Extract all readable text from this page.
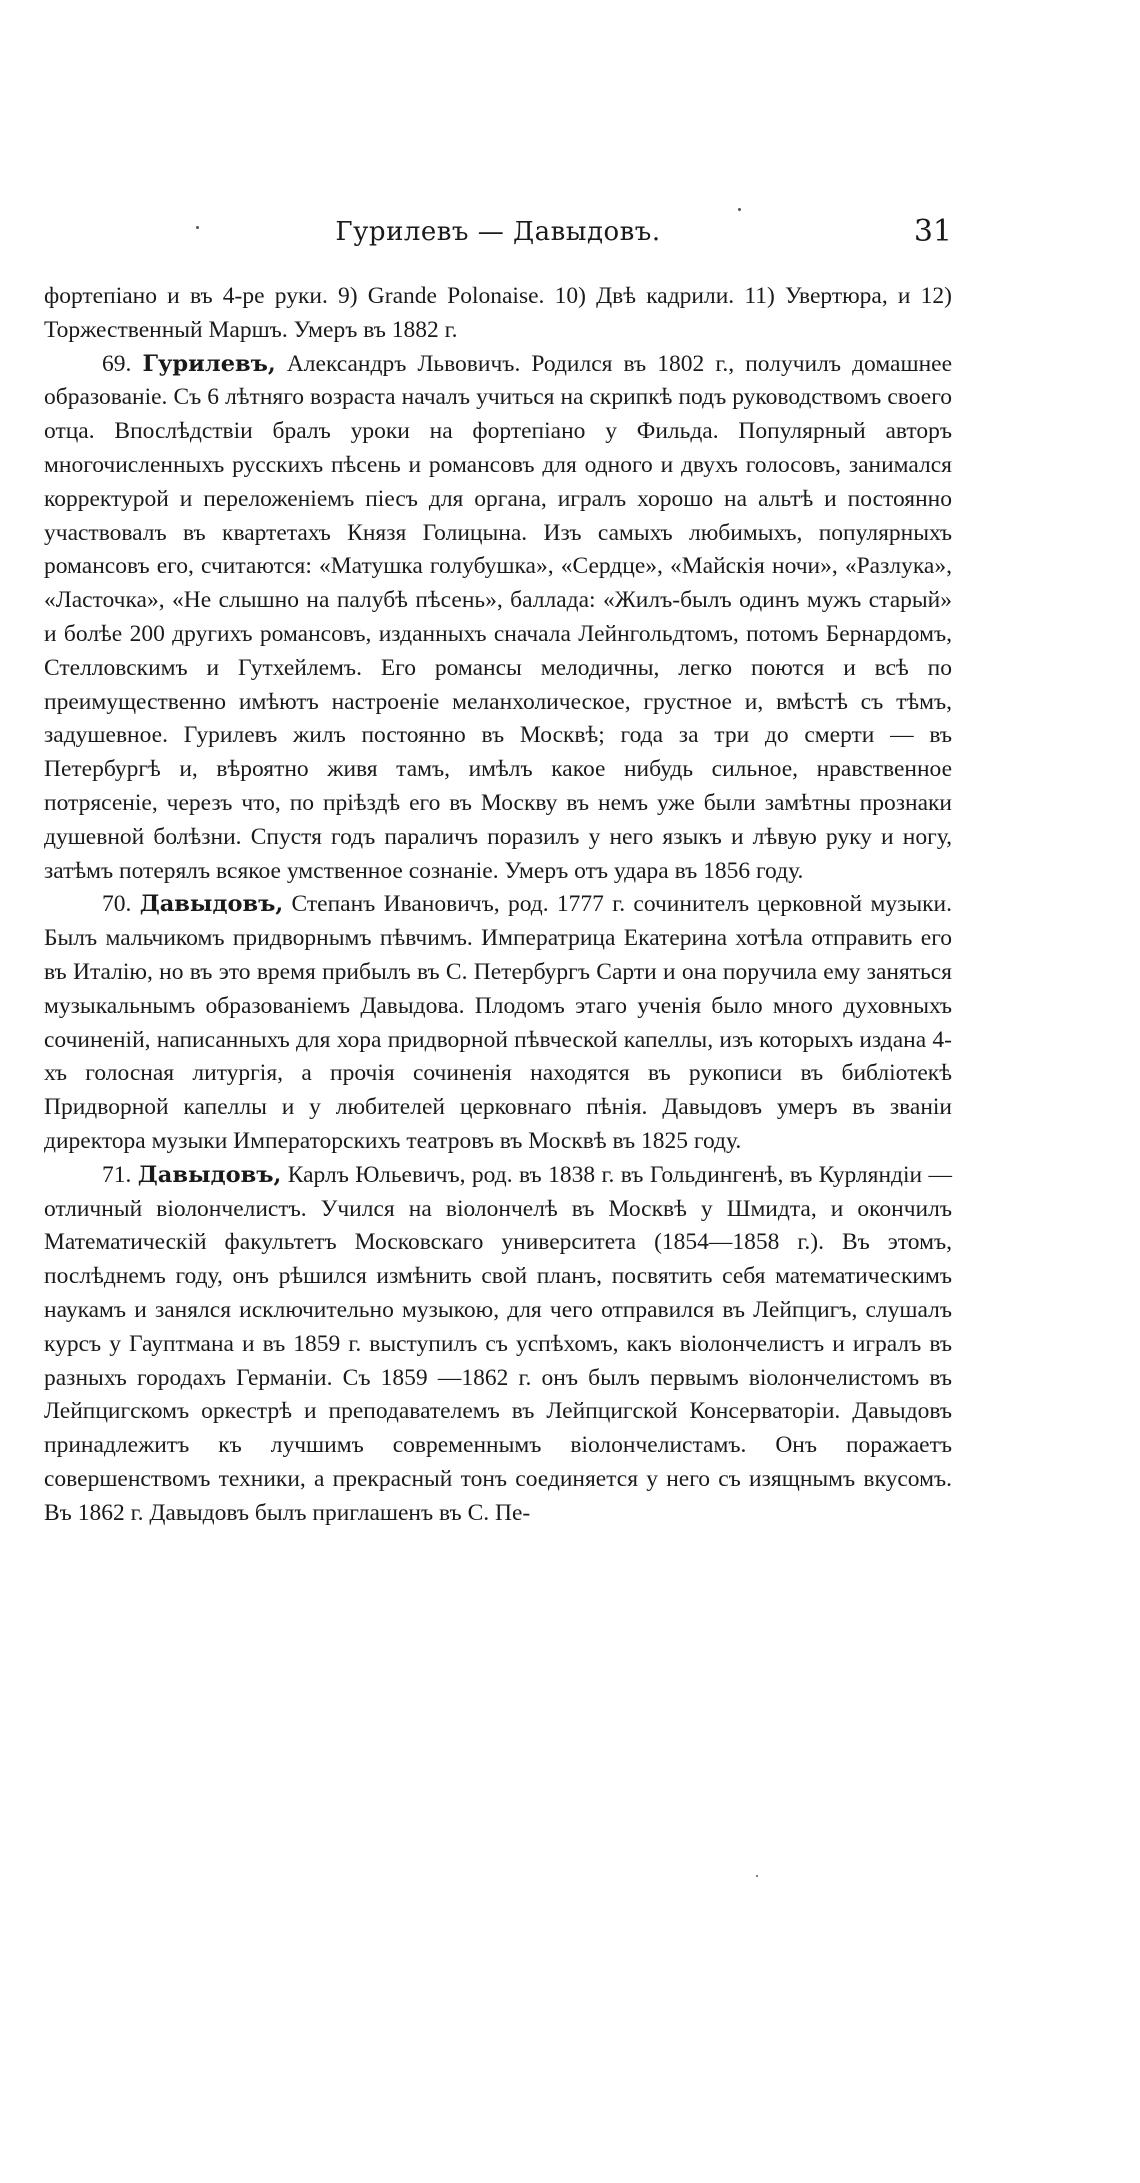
Гурилевъ — Давыдовъ.	31

фортепіано и въ 4-ре руки. 9) Grande Polonaise. 10) Двѣ кадрили. 11) Увертюра, и 12) Торжественный Маршъ. Умеръ въ 1882 г.

69. Гурилевъ, Александръ Львовичъ. Родился въ 1802 г., получилъ домашнее образованіе. Съ 6 лѣтняго возраста началъ учиться на скрипкѣ подъ руководствомъ своего отца. Впослѣдствіи бралъ уроки на фортепіано у Фильда. Популярный авторъ многочисленныхъ русскихъ пѣсень и романсовъ для одного и двухъ голосовъ, занимался корректурой и переложеніемъ піесъ для органа, игралъ хорошо на альтѣ и постоянно участвовалъ въ квартетахъ Князя Голицына. Изъ самыхъ любимыхъ, популярныхъ романсовъ его, считаются: «Матушка голубушка», «Сердце», «Майскія ночи», «Разлука», «Ласточка», «Не слышно на палубѣ пѣсень», баллада: «Жилъ-былъ одинъ мужъ старый» и болѣе 200 другихъ романсовъ, изданныхъ сначала Лейнгольдтомъ, потомъ Бернардомъ, Стелловскимъ и Гутхейлемъ. Его романсы мелодичны, легко поются и всѣ по преимущественно имѣютъ настроеніе меланхолическое, грустное и, вмѣстѣ съ тѣмъ, задушевное. Гурилевъ жилъ постоянно въ Москвѣ; года за три до смерти — въ Петербургѣ и, вѣроятно живя тамъ, имѣлъ какое нибудь сильное, нравственное потрясеніе, черезъ что, по пріѣздѣ его въ Москву въ немъ уже были замѣтны прознаки душевной болѣзни. Спустя годъ параличъ поразилъ у него языкъ и лѣвую руку и ногу, затѣмъ потерялъ всякое умственное сознаніе. Умеръ отъ удара въ 1856 году.

70. Давыдовъ, Степанъ Ивановичъ, род. 1777 г. сочинителъ церковной музыки. Былъ мальчикомъ придворнымъ пѣвчимъ. Императрица Екатерина хотѣла отправить его въ Италію, но въ это время прибылъ въ С. Петербургъ Сарти и она поручила ему заняться музыкальнымъ образованіемъ Давыдова. Плодомъ этаго ученія было много духовныхъ сочиненій, написанныхъ для хора придворной пѣвческой капеллы, изъ которыхъ издана 4-хъ голосная литургія, а прочія сочиненія находятся въ рукописи въ библіотекѣ Придворной капеллы и у любителей церковнаго пѣнія. Давыдовъ умеръ въ званіи директора музыки Императорскихъ театровъ въ Москвѣ въ 1825 году.

71. Давыдовъ, Карлъ Юльевичъ, род. въ 1838 г. въ Гольдингенѣ, въ Курляндіи — отличный віолончелистъ. Учился на віолончелѣ въ Москвѣ у Шмидта, и окончилъ Математическій факультетъ Московскаго университета (1854—1858 г.). Въ этомъ, послѣднемъ году, онъ рѣшился измѣнить свой планъ, посвятить себя математическимъ наукамъ и занялся исключительно музыкою, для чего отправился въ Лейпцигъ, слушалъ курсъ у Гауптмана и въ 1859 г. выступилъ съ успѣхомъ, какъ віолончелистъ и игралъ въ разныхъ городахъ Германіи. Съ 1859 —1862 г. онъ былъ первымъ віолончелистомъ въ Лейпцигскомъ оркестрѣ и преподавателемъ въ Лейпцигской Консерваторіи. Давыдовъ принадлежитъ къ лучшимъ современнымъ віолончелистамъ. Онъ поражаетъ совершенствомъ техники, а прекрасный тонъ соединяется у него съ изящнымъ вкусомъ. Въ 1862 г. Давыдовъ былъ приглашенъ въ С. Пе-
